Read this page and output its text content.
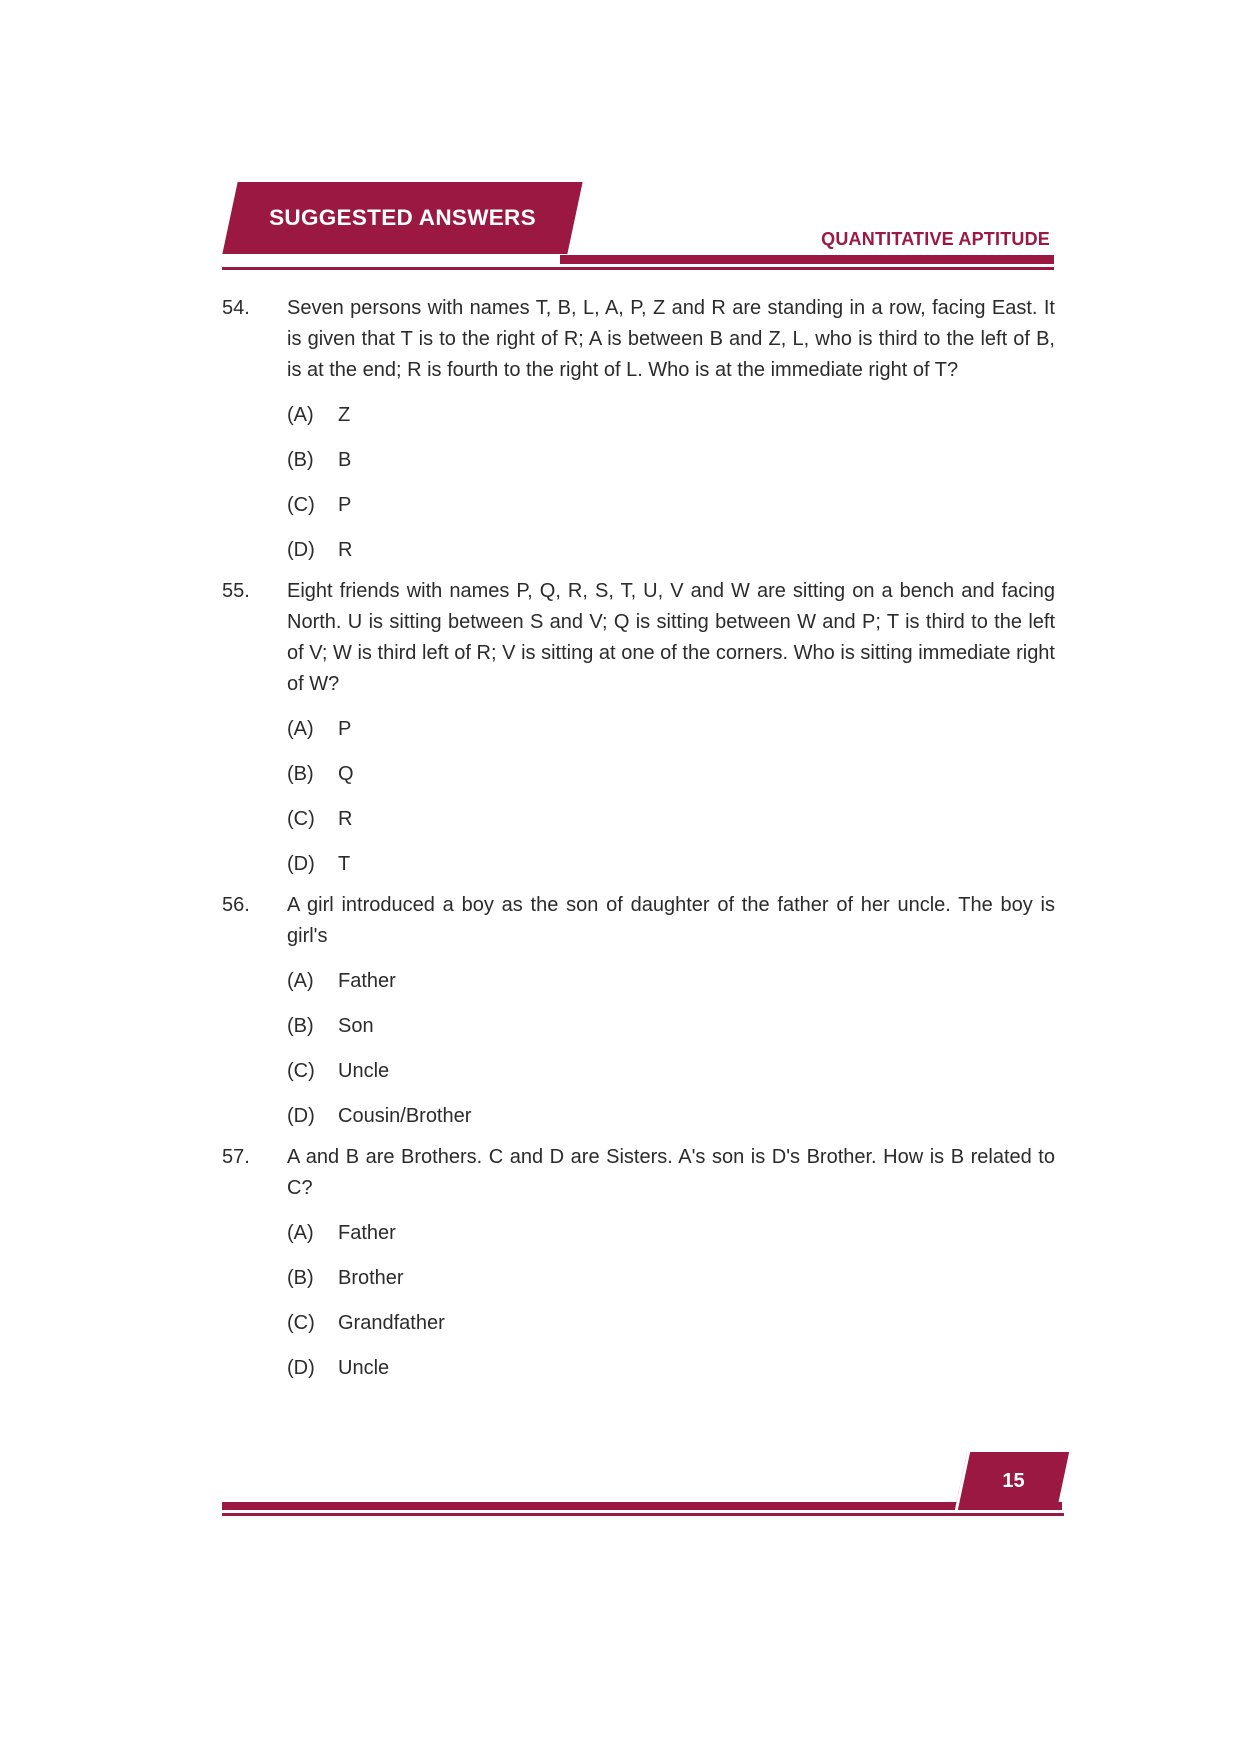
SUGGESTED ANSWERS
QUANTITATIVE APTITUDE
54.	Seven persons with names T, B, L, A, P, Z and R are standing in a row, facing East. It is given that T is to the right of R; A is between B and Z, L, who is third to the left of B, is at the end; R is fourth to the right of L. Who is at the immediate right of T?
(A)	Z
(B)	B
(C)	P
(D)	R
55.	Eight friends with names P, Q, R, S, T, U, V and W are sitting on a bench and facing North. U is sitting between S and V; Q is sitting between W and P; T is third to the left of V; W is third left of R; V is sitting at one of the corners. Who is sitting immediate right of W?
(A)	P
(B)	Q
(C)	R
(D)	T
56.	A girl introduced a boy as the son of daughter of the father of her uncle. The boy is girl's
(A)	Father
(B)	Son
(C)	Uncle
(D)	Cousin/Brother
57.	A and B are Brothers. C and D are Sisters. A's son is D's Brother. How is B related to C?
(A)	Father
(B)	Brother
(C)	Grandfather
(D)	Uncle
15
